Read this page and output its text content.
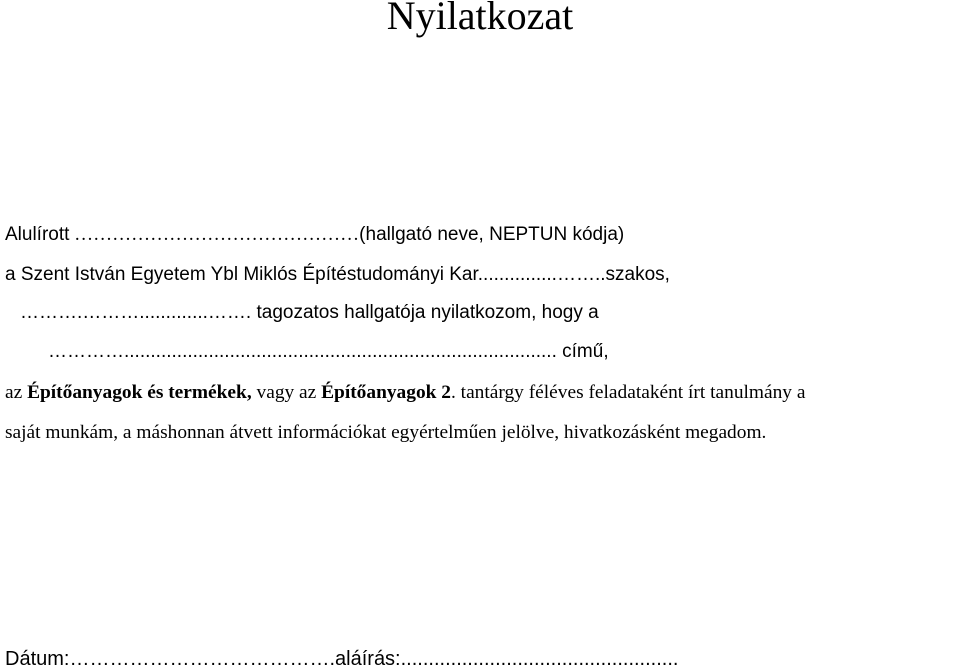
Nyilatkozat
Alulírott ………………………………………(hallgató neve, NEPTUN kódja)
a Szent István Egyetem Ybl Miklós Építéstudományi Kar...............……..szakos,
……….……….............……. tagozatos hallgatója nyilatkozom, hogy a
………….................................................................................. című,
az Építőanyagok és termékek, vagy az Építőanyagok 2. tantárgy féléves feladataként írt tanulmány a
saját munkám, a máshonnan átvett információkat egyértelműen jelölve, hivatkozásként megadom.
Dátum:………………………………….aláírás:..................................................
